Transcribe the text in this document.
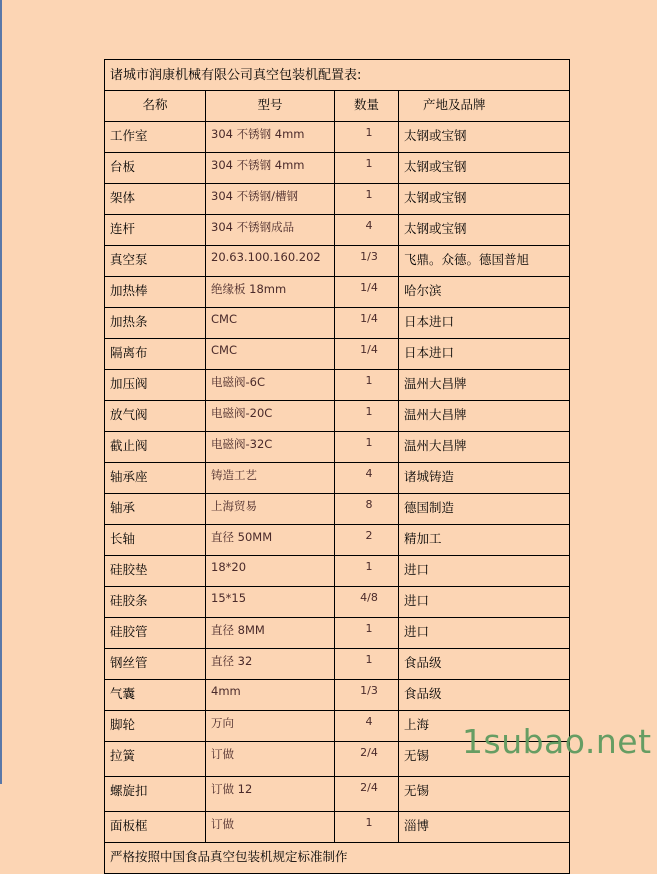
诸城市润康机械有限公司真空包装机配置表:			
名称	型号	数量	产地及品牌
工作室	304 不锈钢 4mm	1	太钢或宝钢
台板	304 不锈钢 4mm	1	太钢或宝钢
架体	304 不锈钢/槽钢	1	太钢或宝钢
连杆	304 不锈钢成品	4	太钢或宝钢
真空泵	20.63.100.160.202	1/3	飞鼎。众德。德国普旭
加热棒	绝缘板 18mm	1/4	哈尔滨
加热条	CMC	1/4	日本进口
隔离布	CMC	1/4	日本进口
加压阀	电磁阀-6C	1	温州大昌牌
放气阀	电磁阀-20C	1	温州大昌牌
截止阀	电磁阀-32C	1	温州大昌牌
轴承座	铸造工艺	4	诸城铸造
轴承	上海贸易	8	德国制造
长轴	直径 50MM	2	精加工
硅胶垫	18*20	1	进口
硅胶条	15*15	4/8	进口
硅胶管	直径 8MM	1	进口
钢丝管	直径 32	1	食品级
气囊	4mm	1/3	食品级
脚轮	万向	4	上海
拉簧	订做	2/4	无锡
螺旋扣	订做 12	2/4	无锡
面板框	订做	1	淄博
严格按照中国食品真空包装机规定标准制作			
1subao.net
